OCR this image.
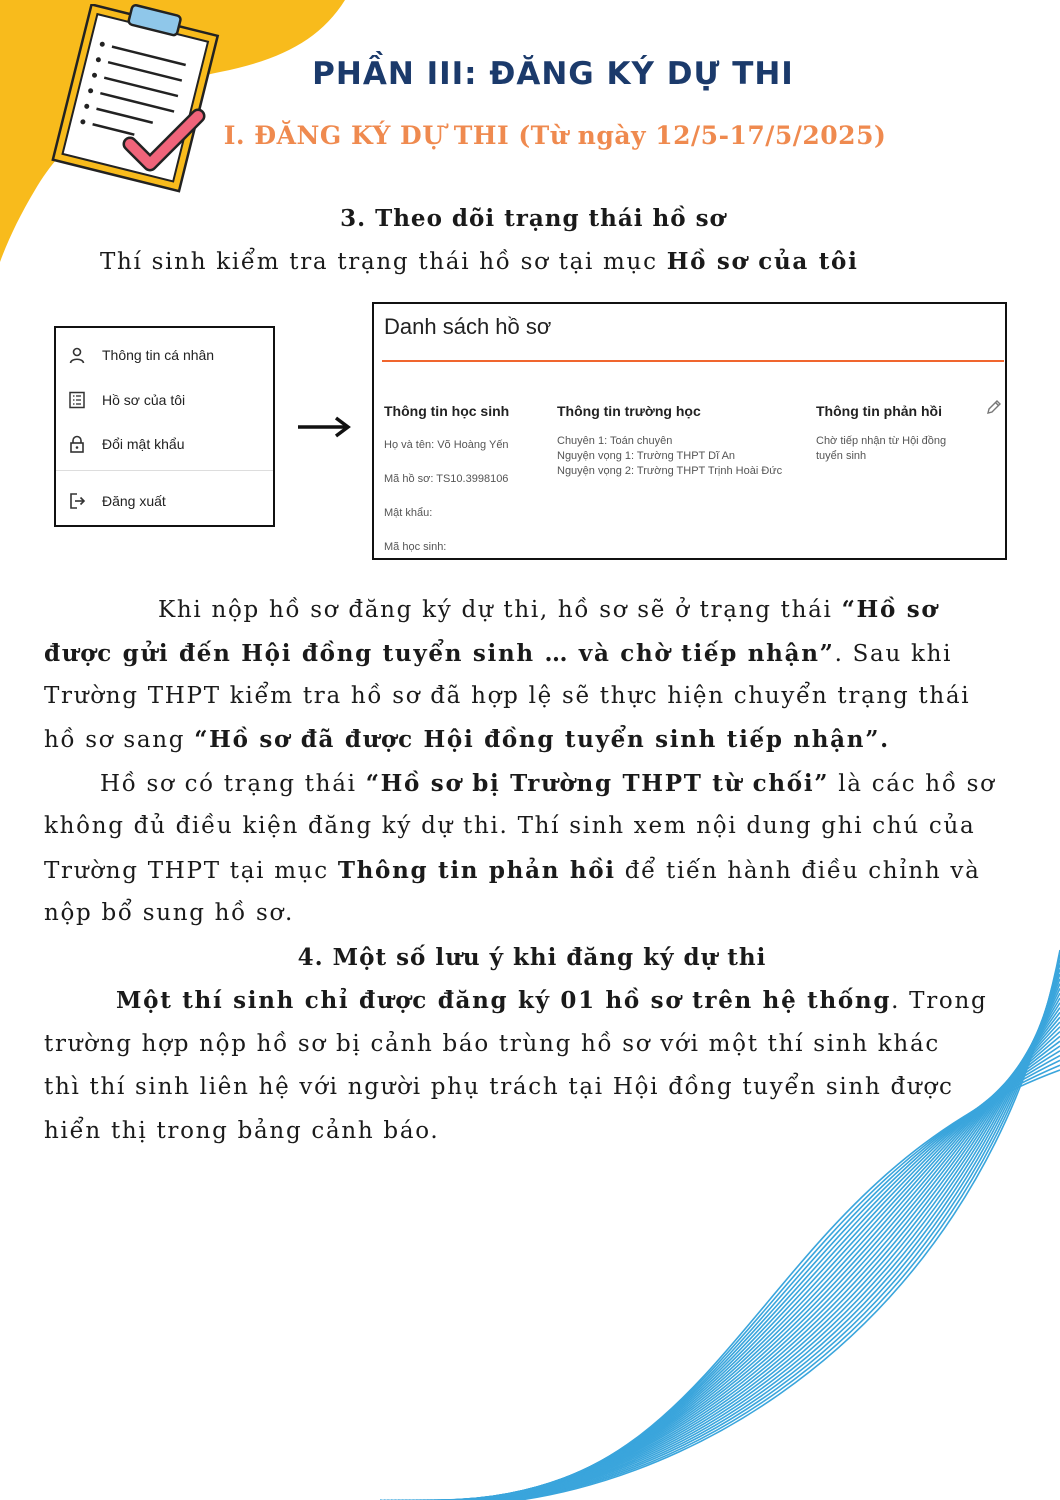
PHẦN III: ĐĂNG KÝ DỰ THI
I. ĐĂNG KÝ DỰ THI (Từ ngày 12/5-17/5/2025)
3. Theo dõi trạng thái hồ sơ
Thí sinh kiểm tra trạng thái hồ sơ tại mục Hồ sơ của tôi
Thông tin cá nhân
Hồ sơ của tôi
Đổi mật khẩu
Đăng xuất
Danh sách hồ sơ
Thông tin học sinh
Họ và tên: Võ Hoàng Yến
Mã hồ sơ: TS10.3998106
Mật khẩu:
Mã học sinh:
Thông tin trường học
Chuyên 1: Toán chuyên
Nguyện vọng 1: Trường THPT Dĩ An
Nguyện vọng 2: Trường THPT Trịnh Hoài Đức
Thông tin phản hồi
Chờ tiếp nhận từ Hội đồng
tuyển sinh
Khi nộp hồ sơ đăng ký dự thi, hồ sơ sẽ ở trạng thái “Hồ sơ
được gửi đến Hội đồng tuyển sinh … và chờ tiếp nhận”. Sau khi
Trường THPT kiểm tra hồ sơ đã hợp lệ sẽ thực hiện chuyển trạng thái
hồ sơ sang “Hồ sơ đã được Hội đồng tuyển sinh tiếp nhận”.
Hồ sơ có trạng thái “Hồ sơ bị Trường THPT từ chối” là các hồ sơ
không đủ điều kiện đăng ký dự thi. Thí sinh xem nội dung ghi chú của
Trường THPT tại mục Thông tin phản hồi để tiến hành điều chỉnh và
nộp bổ sung hồ sơ.
4. Một số lưu ý khi đăng ký dự thi
Một thí sinh chỉ được đăng ký 01 hồ sơ trên hệ thống. Trong
trường hợp nộp hồ sơ bị cảnh báo trùng hồ sơ với một thí sinh khác
thì thí sinh liên hệ với người phụ trách tại Hội đồng tuyển sinh được
hiển thị trong bảng cảnh báo.
